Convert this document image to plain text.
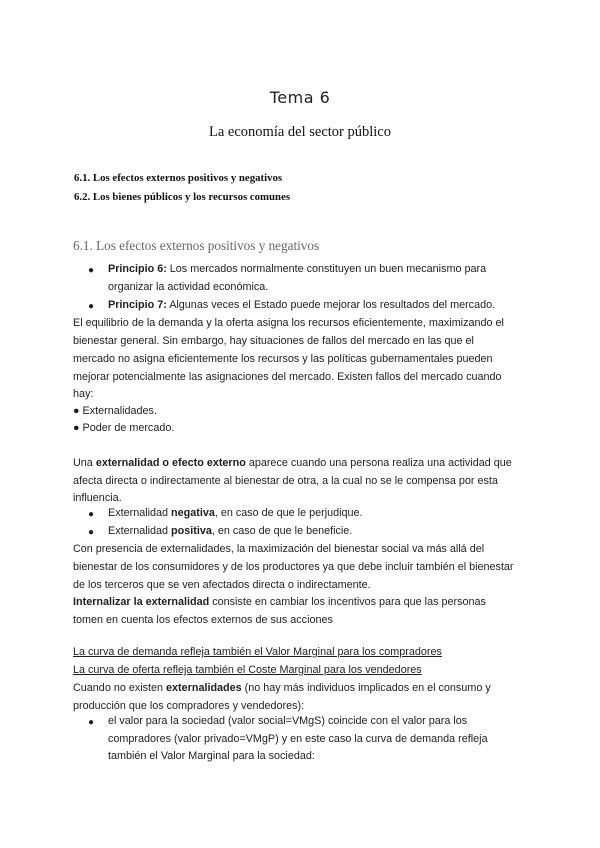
Tema 6
La economía del sector público
6.1. Los efectos externos positivos y negativos
6.2. Los bienes públicos y los recursos comunes
6.1. Los efectos externos positivos y negativos
● Principio 6: Los mercados normalmente constituyen un buen mecanismo para
organizar la actividad económica.
● Principio 7: Algunas veces el Estado puede mejorar los resultados del mercado.
El equilibrio de la demanda y la oferta asigna los recursos eficientemente, maximizando el
bienestar general. Sin embargo, hay situaciones de fallos del mercado en las que el
mercado no asigna eficientemente los recursos y las políticas gubernamentales pueden
mejorar potencialmente las asignaciones del mercado. Existen fallos del mercado cuando
hay:
● Externalidades.
● Poder de mercado.
Una externalidad o efecto externo aparece cuando una persona realiza una actividad que
afecta directa o indirectamente al bienestar de otra, a la cual no se le compensa por esta
influencia.
● Externalidad negativa, en caso de que le perjudique.
● Externalidad positiva, en caso de que le beneficie.
Con presencia de externalidades, la maximización del bienestar social va más allá del
bienestar de los consumidores y de los productores ya que debe incluir también el bienestar
de los terceros que se ven afectados directa o indirectamente.
Internalizar la externalidad consiste en cambiar los incentivos para que las personas
tomen en cuenta los efectos externos de sus acciones
La curva de demanda refleja también el Valor Marginal para los compradores
La curva de oferta refleja también el Coste Marginal para los vendedores
Cuando no existen externalidades (no hay más individuos implicados en el consumo y
producción que los compradores y vendedores):
● el valor para la sociedad (valor social=VMgS) coincide con el valor para los
compradores (valor privado=VMgP) y en este caso la curva de demanda refleja
también el Valor Marginal para la sociedad:
